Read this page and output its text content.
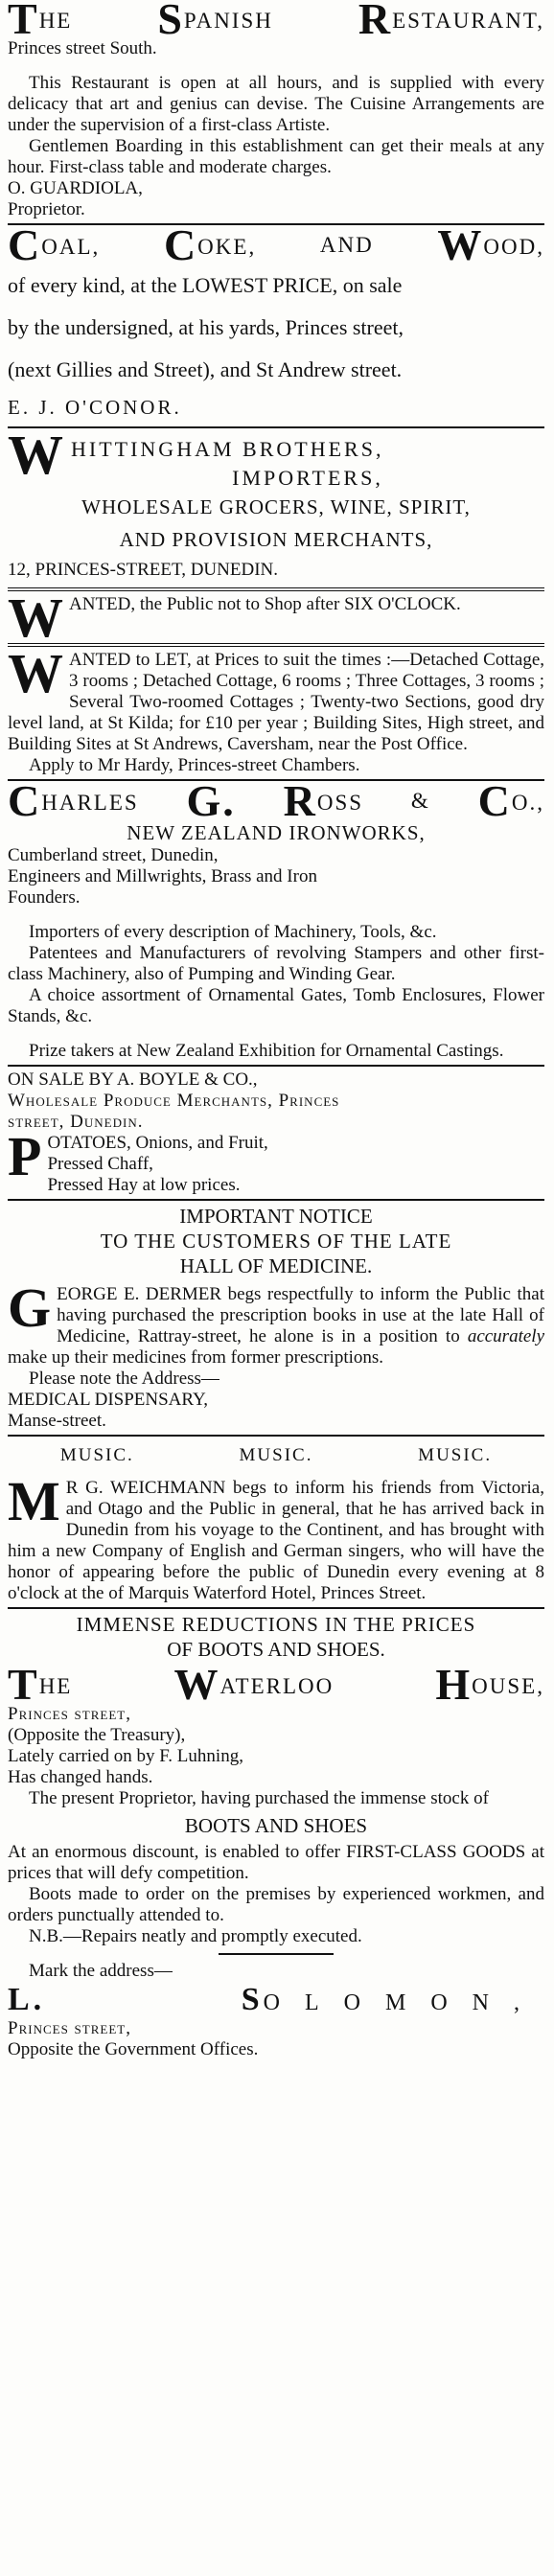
THE SPANISH RESTAURANT,

Princes street South.

This Restaurant is open at all hours, and is supplied with every delicacy that art and genius can devise. The Cuisine Arrangements are under the supervision of a first-class Artiste.

Gentlemen Boarding in this establishment can get their meals at any hour. First-class table and moderate charges.

O. GUARDIOLA,

Proprietor.

COAL, COKE,	AND WOOD,

of every kind, at the LOWEST PRICE, on sale

by the undersigned, at his yards, Princes street,

(next Gillies and Street), and St Andrew street.

E. J. O'CONOR.

W HITTINGHAM BROTHERS,

IMPORTERS,

WHOLESALE GROCERS, WINE, SPIRIT,

AND PROVISION MERCHANTS,

12, PRINCES-STREET, DUNEDIN.

W ANTED, the Public not to Shop after SIX O'CLOCK.

W ANTED to LET, at Prices to suit the times :—Detached Cottage, 3 rooms ; Detached Cottage, 6 rooms ; Three Cottages, 3 rooms ; Several Two-roomed Cottages ; Twenty-two Sections, good dry level land, at St Kilda; for £10 per year ; Building Sites, High street, and Building Sites at St Andrews, Caversham, near the Post Office.

Apply to Mr Hardy, Princes-street Chambers.

CHARLES G. ROSS & CO.,

NEW ZEALAND IRONWORKS,

Cumberland street, Dunedin,

Engineers and Millwrights, Brass and Iron

Founders.

Importers of every description of Machinery, Tools, &c.

Patentees and Manufacturers of revolving Stampers and other first-class Machinery, also of Pumping and Winding Gear.

A choice assortment of Ornamental Gates, Tomb Enclosures, Flower Stands, &c.

Prize takers at New Zealand Exhibition for Ornamental Castings.

ON SALE BY A. BOYLE & CO.,

Wholesale Produce Merchants, Princes

street, Dunedin.

P OTATOES, Onions, and Fruit,

Pressed Chaff,

Pressed Hay at low prices.

IMPORTANT NOTICE

TO THE CUSTOMERS OF THE LATE

HALL OF MEDICINE.

G EORGE E. DERMER begs respectfully to inform the Public that having purchased the prescription books in use at the late Hall of Medicine, Rattray-street, he alone is in a position to accurately make up their medicines from former prescriptions.

Please note the Address—

MEDICAL DISPENSARY,

Manse-street.

MUSIC.	MUSIC.	MUSIC.
M R G. WEICHMANN begs to inform his friends from Victoria, and Otago and the Public in general, that he has arrived back in Dunedin from his voyage to the Continent, and has brought with him a new Company of English and German singers, who will have the honor of appearing before the public of Dunedin every evening at 8 o'clock at the of Marquis Waterford Hotel, Princes Street.

IMMENSE REDUCTIONS IN THE PRICES

OF BOOTS AND SHOES.

THE WATERLOO HOUSE,

Princes street,

(Opposite the Treasury),

Lately carried on by F. Luhning,

Has changed hands.

The present Proprietor, having purchased the immense stock of

BOOTS AND SHOES

At an enormous discount, is enabled to offer FIRST-CLASS GOODS at prices that will defy competition.

Boots made to order on the premises by experienced workmen, and orders punctually attended to.

N.B.—Repairs neatly and promptly executed.

Mark the address—

L.	SOLOMON,

Princes street,

Opposite the Government Offices.
